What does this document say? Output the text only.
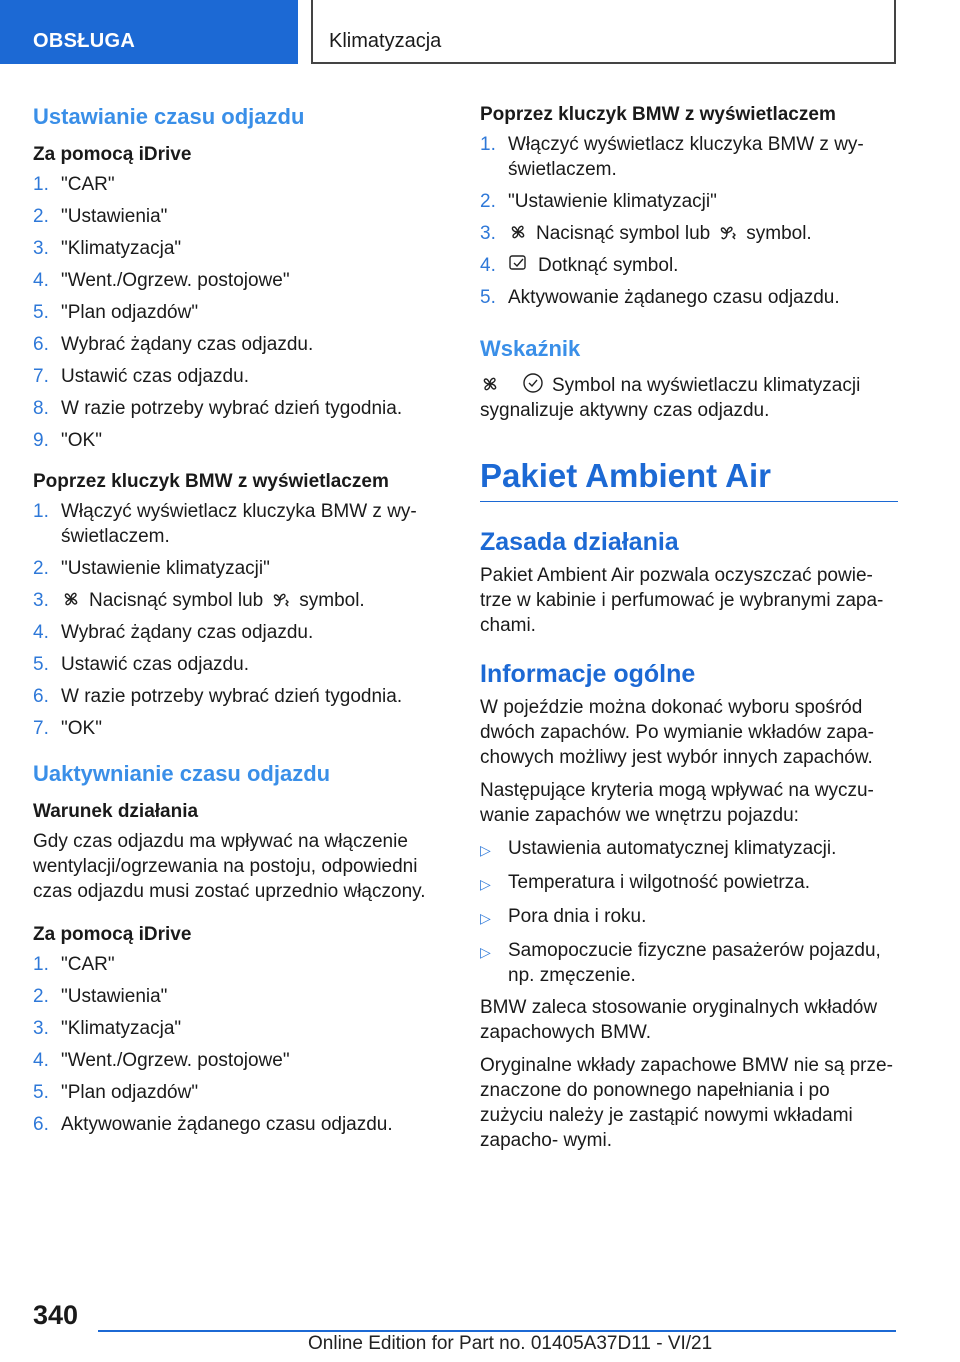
OBSŁUGA	Klimatyzacja
Ustawianie czasu odjazdu
Za pomocą iDrive
1. "CAR"
2. "Ustawienia"
3. "Klimatyzacja"
4. "Went./Ogrzew. postojowe"
5. "Plan odjazdów"
6. Wybrać żądany czas odjazdu.
7. Ustawić czas odjazdu.
8. W razie potrzeby wybrać dzień tygodnia.
9. "OK"
Poprzez kluczyk BMW z wyświetlaczem
1. Włączyć wyświetlacz kluczyka BMW z wy- świetlaczem.
2. "Ustawienie klimatyzacji"
3.	Nacisnąć symbol lub symbol.
4. Wybrać żądany czas odjazdu.
5. Ustawić czas odjazdu.
6. W razie potrzeby wybrać dzień tygodnia.
7. "OK"
Uaktywnianie czasu odjazdu
Warunek działania
Gdy czas odjazdu ma wpływać na włączenie wentylacji/ogrzewania na postoju, odpowiedni czas odjazdu musi zostać uprzednio włączony.
Za pomocą iDrive
1. "CAR"
2. "Ustawienia"
3. "Klimatyzacja"
4. "Went./Ogrzew. postojowe"
5. "Plan odjazdów"
6. Aktywowanie żądanego czasu odjazdu.
Poprzez kluczyk BMW z wyświetlaczem
1. Włączyć wyświetlacz kluczyka BMW z wy- świetlaczem.
2. "Ustawienie klimatyzacji"
3.	Nacisnąć symbol lub symbol.
4.	Dotknąć symbol.
5. Aktywowanie żądanego czasu odjazdu.
Wskaźnik
Symbol na wyświetlaczu klimatyzacji sygnalizuje aktywny czas odjazdu.
Pakiet Ambient Air
Zasada działania
Pakiet Ambient Air pozwala oczyszczać powie- trze w kabinie i perfumować je wybranymi zapa- chami.
Informacje ogólne
W pojeździe można dokonać wyboru spośród dwóch zapachów. Po wymianie wkładów zapa- chowych możliwy jest wybór innych zapachów.
Następujące kryteria mogą wpływać na wyczu- wanie zapachów we wnętrzu pojazdu:
▷ Ustawienia automatycznej klimatyzacji.
▷ Temperatura i wilgotność powietrza.
▷ Pora dnia i roku.
▷ Samopoczucie fizyczne pasażerów pojazdu, np. zmęczenie.
BMW zaleca stosowanie oryginalnych wkładów zapachowych BMW.
Oryginalne wkłady zapachowe BMW nie są prze- znaczone do ponownego napełniania i po zużyciu należy je zastąpić nowymi wkładami zapacho- wymi.
340
Online Edition for Part no. 01405A37D11 - VI/21
